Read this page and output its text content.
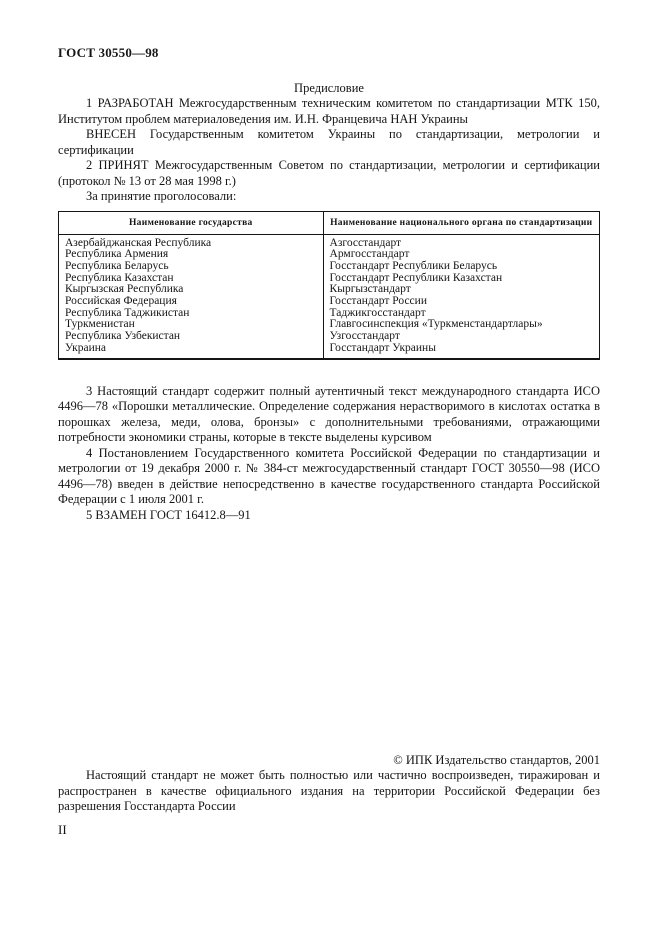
ГОСТ 30550—98
Предисловие

1 РАЗРАБОТАН Межгосударственным техническим комитетом по стандартизации МТК 150, Институтом проблем материаловедения им. И.Н. Францевича НАН Украины

ВНЕСЕН Государственным комитетом Украины по стандартизации, метрологии и сертификации

2 ПРИНЯТ Межгосударственным Советом по стандартизации, метрологии и сертификации (протокол № 13 от 28 мая 1998 г.)

За принятие проголосовали:

Наименование государства	Наименование национального органа по стандартизации
Азербайджанская Республика	Азгосстандарт
Республика Армения	Армгосстандарт
Республика Беларусь	Госстандарт Республики Беларусь
Республика Казахстан	Госстандарт Республики Казахстан
Кыргызская Республика	Кыргызстандарт
Российская Федерация	Госстандарт России
Республика Таджикистан	Таджикгосстандарт
Туркменистан	Главгосинспекция «Туркменстандартлары»
Республика Узбекистан	Узгосстандарт
Украина	Госстандарт Украины

3 Настоящий стандарт содержит полный аутентичный текст международного стандарта ИСО 4496—78 «Порошки металлические. Определение содержания нерастворимого в кислотах остатка в порошках железа, меди, олова, бронзы» с дополнительными требованиями, отражающими потребности экономики страны, которые в тексте выделены курсивом

4 Постановлением Государственного комитета Российской Федерации по стандартизации и метрологии от 19 декабря 2000 г. № 384-ст межгосударственный стандарт ГОСТ 30550—98 (ИСО 4496—78) введен в действие непосредственно в качестве государственного стандарта Российской Федерации с 1 июля 2001 г.

5 ВЗАМЕН ГОСТ 16412.8—91

© ИПК Издательство стандартов, 2001

Настоящий стандарт не может быть полностью или частично воспроизведен, тиражирован и распространен в качестве официального издания на территории Российской Федерации без разрешения Госстандарта России

II
